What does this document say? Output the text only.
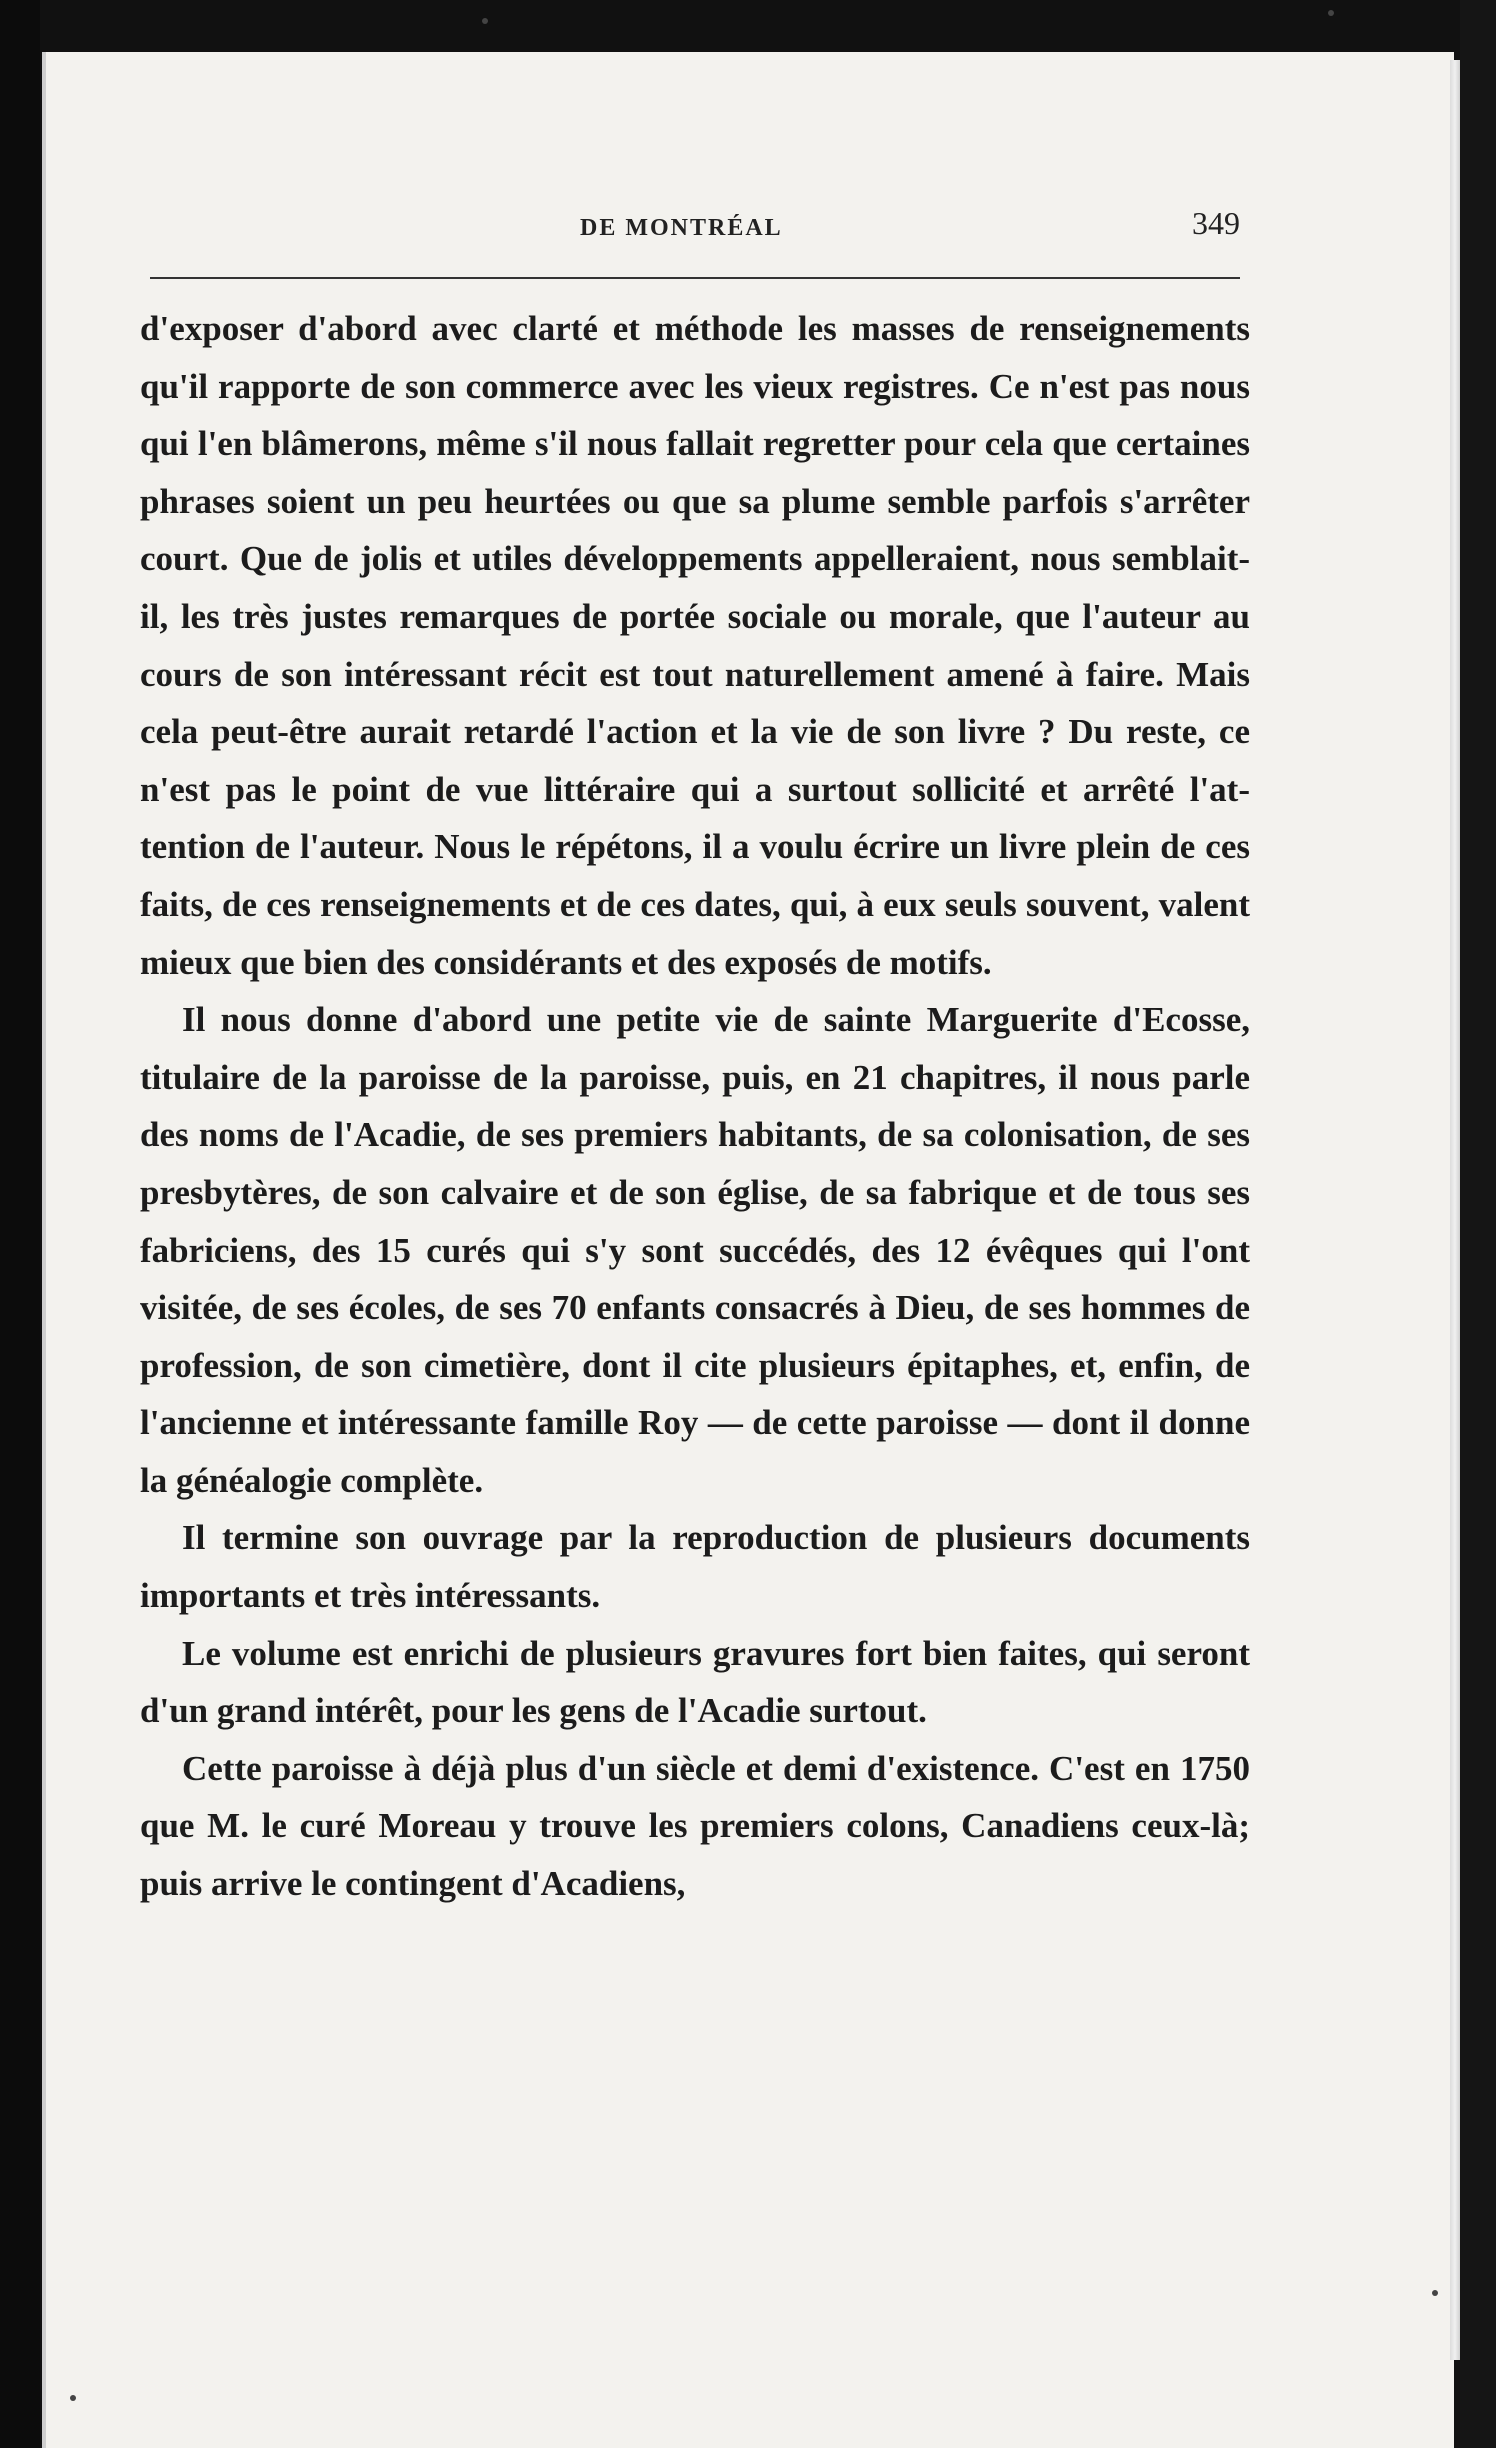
DE MONTRÉAL	349

d'exposer d'abord avec clarté et méthode les masses de renseignements qu'il rapporte de son commerce avec les vieux registres. Ce n'est pas nous qui l'en blâmerons, même s'il nous fallait regretter pour cela que certaines phrases soient un peu heurtées ou que sa plume semble parfois s'arrêter court. Que de jolis et utiles développements appelleraient, nous semblait-il, les très justes remarques de portée sociale ou morale, que l'auteur au cours de son intéressant récit est tout naturellement amené à faire. Mais cela peut-être aurait retardé l'action et la vie de son livre ? Du reste, ce n'est pas le point de vue littéraire qui a surtout sollicité et arrêté l'attention de l'auteur. Nous le répétons, il a voulu écrire un livre plein de ces faits, de ces renseignements et de ces dates, qui, à eux seuls souvent, valent mieux que bien des considérants et des exposés de motifs.

Il nous donne d'abord une petite vie de sainte Marguerite d'Ecosse, titulaire de la paroisse de la paroisse, puis, en 21 chapitres, il nous parle des noms de l'Acadie, de ses premiers habitants, de sa colonisation, de ses presbytères, de son calvaire et de son église, de sa fabrique et de tous ses fabriciens, des 15 curés qui s'y sont succédés, des 12 évêques qui l'ont visitée, de ses écoles, de ses 70 enfants consacrés à Dieu, de ses hommes de profession, de son cimetière, dont il cite plusieurs épitaphes, et, enfin, de l'ancienne et intéressante famille Roy — de cette paroisse — dont il donne la généalogie complète.

Il termine son ouvrage par la reproduction de plusieurs documents importants et très intéressants.

Le volume est enrichi de plusieurs gravures fort bien faites, qui seront d'un grand intérêt, pour les gens de l'Acadie surtout.

Cette paroisse à déjà plus d'un siècle et demi d'existence. C'est en 1750 que M. le curé Moreau y trouve les premiers colons, Canadiens ceux-là; puis arrive le contingent d'Acadiens,
